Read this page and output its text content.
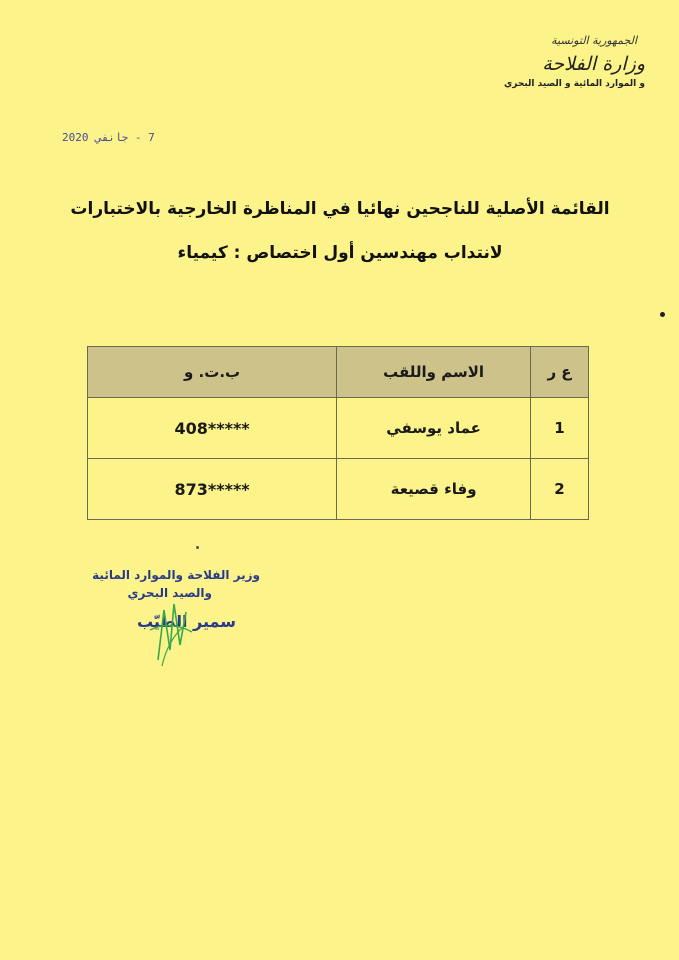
الجمهورية التونسية
وزارة الفلاحة
و الموارد المائية و الصيد البحري
7 - جانفي 2020
القائمة الأصلية للناجحين نهائيا في المناظرة الخارجية بالاختبارات
لانتداب مهندسين أول اختصاص : كيمياء
ع ر	الاسم واللقب	ب.ت. و
1	عماد يوسفي	408*****
2	وفاء قصيعة	873*****
وزير الفلاحة والموارد المائية
والصيد البحري
سمير الطيّب
